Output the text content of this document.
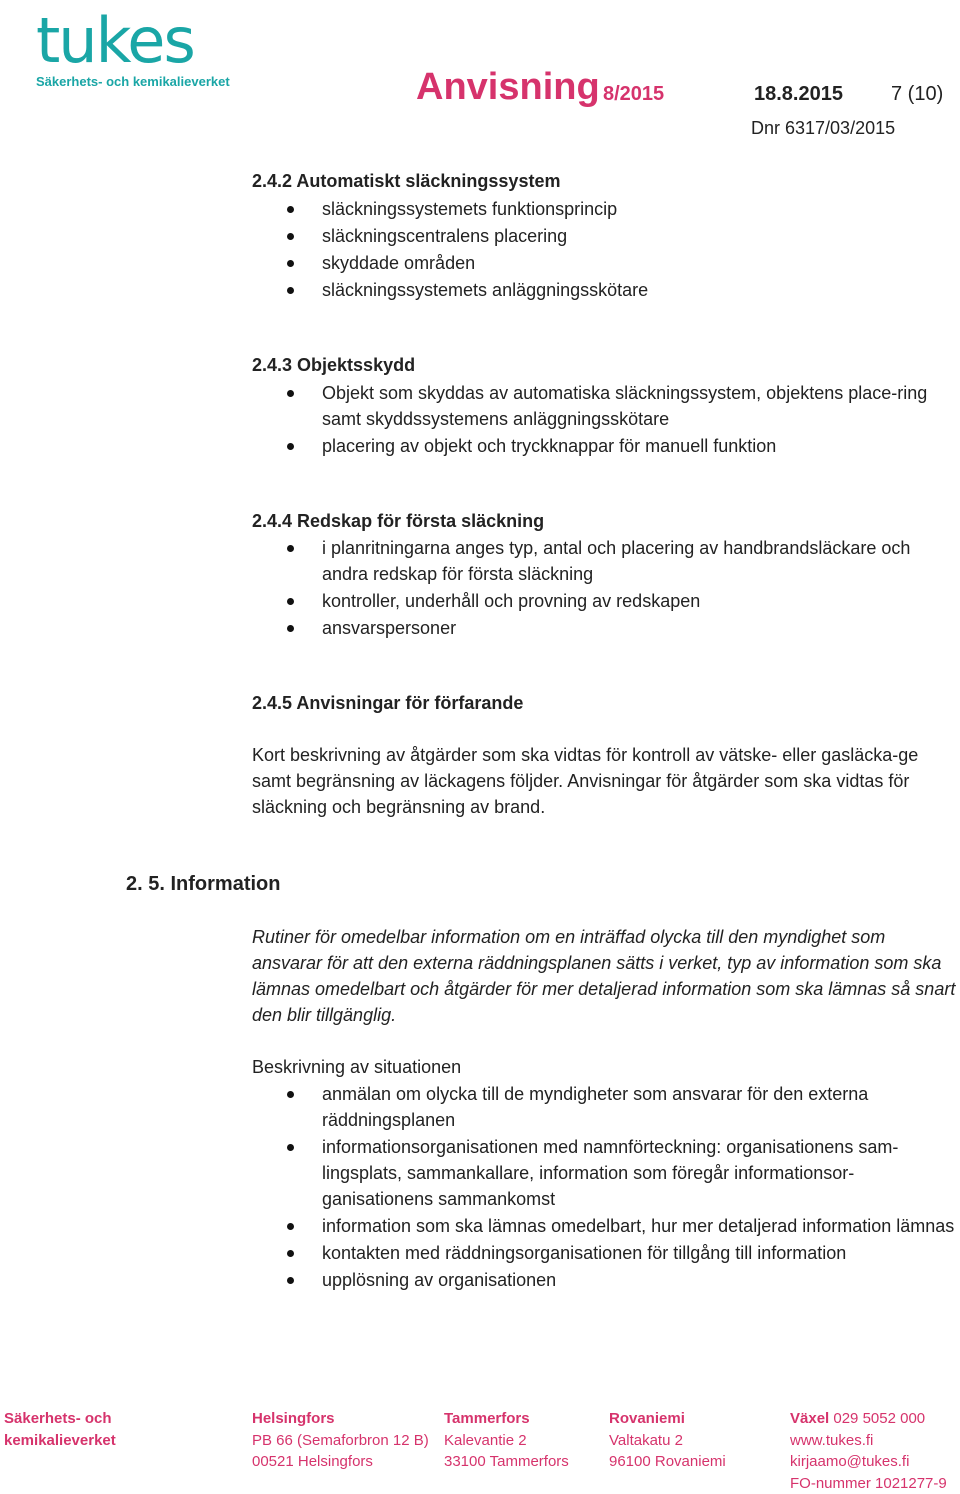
tukes
Säkerhets- och kemikalieverket	Anvisning 8/2015	18.8.2015 7 (10)
Dnr 6317/03/2015
2.4.2 Automatiskt släckningssystem
släckningssystemets funktionsprincip
släckningscentralens placering
skyddade områden
släckningssystemets anläggningsskötare
2.4.3 Objektsskydd
Objekt som skyddas av automatiska släckningssystem, objektens place-ring samt skyddssystemens anläggningsskötare
placering av objekt och tryckknappar för manuell funktion
2.4.4 Redskap för första släckning
i planritningarna anges typ, antal och placering av handbrandsläckare och andra redskap för första släckning
kontroller, underhåll och provning av redskapen
ansvarspersoner
2.4.5 Anvisningar för förfarande
Kort beskrivning av åtgärder som ska vidtas för kontroll av vätske- eller gasläcka-ge samt begränsning av läckagens följder. Anvisningar för åtgärder som ska vidtas för släckning och begränsning av brand.
2. 5. Information
Rutiner för omedelbar information om en inträffad olycka till den myndighet som ansvarar för att den externa räddningsplanen sätts i verket, typ av information som ska lämnas omedelbart och åtgärder för mer detaljerad information som ska lämnas så snart den blir tillgänglig.
Beskrivning av situationen
anmälan om olycka till de myndigheter som ansvarar för den externa räddningsplanen
informationsorganisationen med namnförteckning: organisationens sam-lingsplats, sammankallare, information som föregår informationsor-ganisationens sammankomst
information som ska lämnas omedelbart, hur mer detaljerad information lämnas
kontakten med räddningsorganisationen för tillgång till information
upplösning av organisationen
Säkerhets- och
kemikalieverket
Helsingfors
PB 66 (Semaforbron 12 B)
00521 Helsingfors
Tammerfors
Kalevantie 2
33100 Tammerfors
Rovaniemi
Valtakatu 2
96100 Rovaniemi
Växel 029 5052 000
www.tukes.fi
kirjaamo@tukes.fi
FO-nummer 1021277-9
